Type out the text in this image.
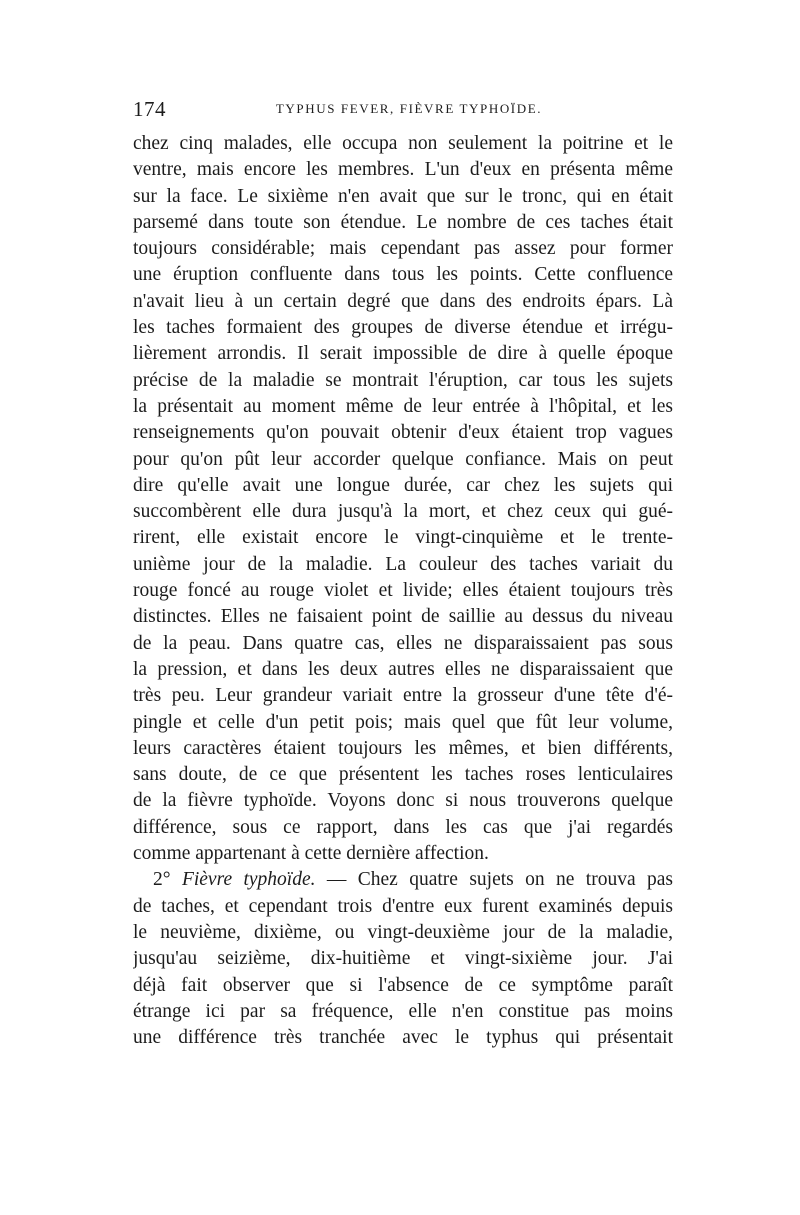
174	TYPHUS FEVER, FIÈVRE TYPHOÏDE.
chez cinq malades, elle occupa non seulement la poitrine et le
ventre, mais encore les membres. L'un d'eux en présenta même
sur la face. Le sixième n'en avait que sur le tronc, qui en était
parsemé dans toute son étendue. Le nombre de ces taches était
toujours considérable; mais cependant pas assez pour former
une éruption confluente dans tous les points. Cette confluence
n'avait lieu à un certain degré que dans des endroits épars. Là
les taches formaient des groupes de diverse étendue et irrégu-
lièrement arrondis. Il serait impossible de dire à quelle époque
précise de la maladie se montrait l'éruption, car tous les sujets
la présentait au moment même de leur entrée à l'hôpital, et les
renseignements qu'on pouvait obtenir d'eux étaient trop vagues
pour qu'on pût leur accorder quelque confiance. Mais on peut
dire qu'elle avait une longue durée, car chez les sujets qui
succombèrent elle dura jusqu'à la mort, et chez ceux qui gué-
rirent, elle existait encore le vingt-cinquième et le trente-
unième jour de la maladie. La couleur des taches variait du
rouge foncé au rouge violet et livide; elles étaient toujours très
distinctes. Elles ne faisaient point de saillie au dessus du niveau
de la peau. Dans quatre cas, elles ne disparaissaient pas sous
la pression, et dans les deux autres elles ne disparaissaient que
très peu. Leur grandeur variait entre la grosseur d'une tête d'é-
pingle et celle d'un petit pois; mais quel que fût leur volume,
leurs caractères étaient toujours les mêmes, et bien différents,
sans doute, de ce que présentent les taches roses lenticulaires
de la fièvre typhoïde. Voyons donc si nous trouverons quelque
différence, sous ce rapport, dans les cas que j'ai regardés
comme appartenant à cette dernière affection.
2° Fièvre typhoïde. — Chez quatre sujets on ne trouva pas
de taches, et cependant trois d'entre eux furent examinés depuis
le neuvième, dixième, ou vingt-deuxième jour de la maladie,
jusqu'au seizième, dix-huitième et vingt-sixième jour. J'ai
déjà fait observer que si l'absence de ce symptôme paraît
étrange ici par sa fréquence, elle n'en constitue pas moins
une différence très tranchée avec le typhus qui présentait
